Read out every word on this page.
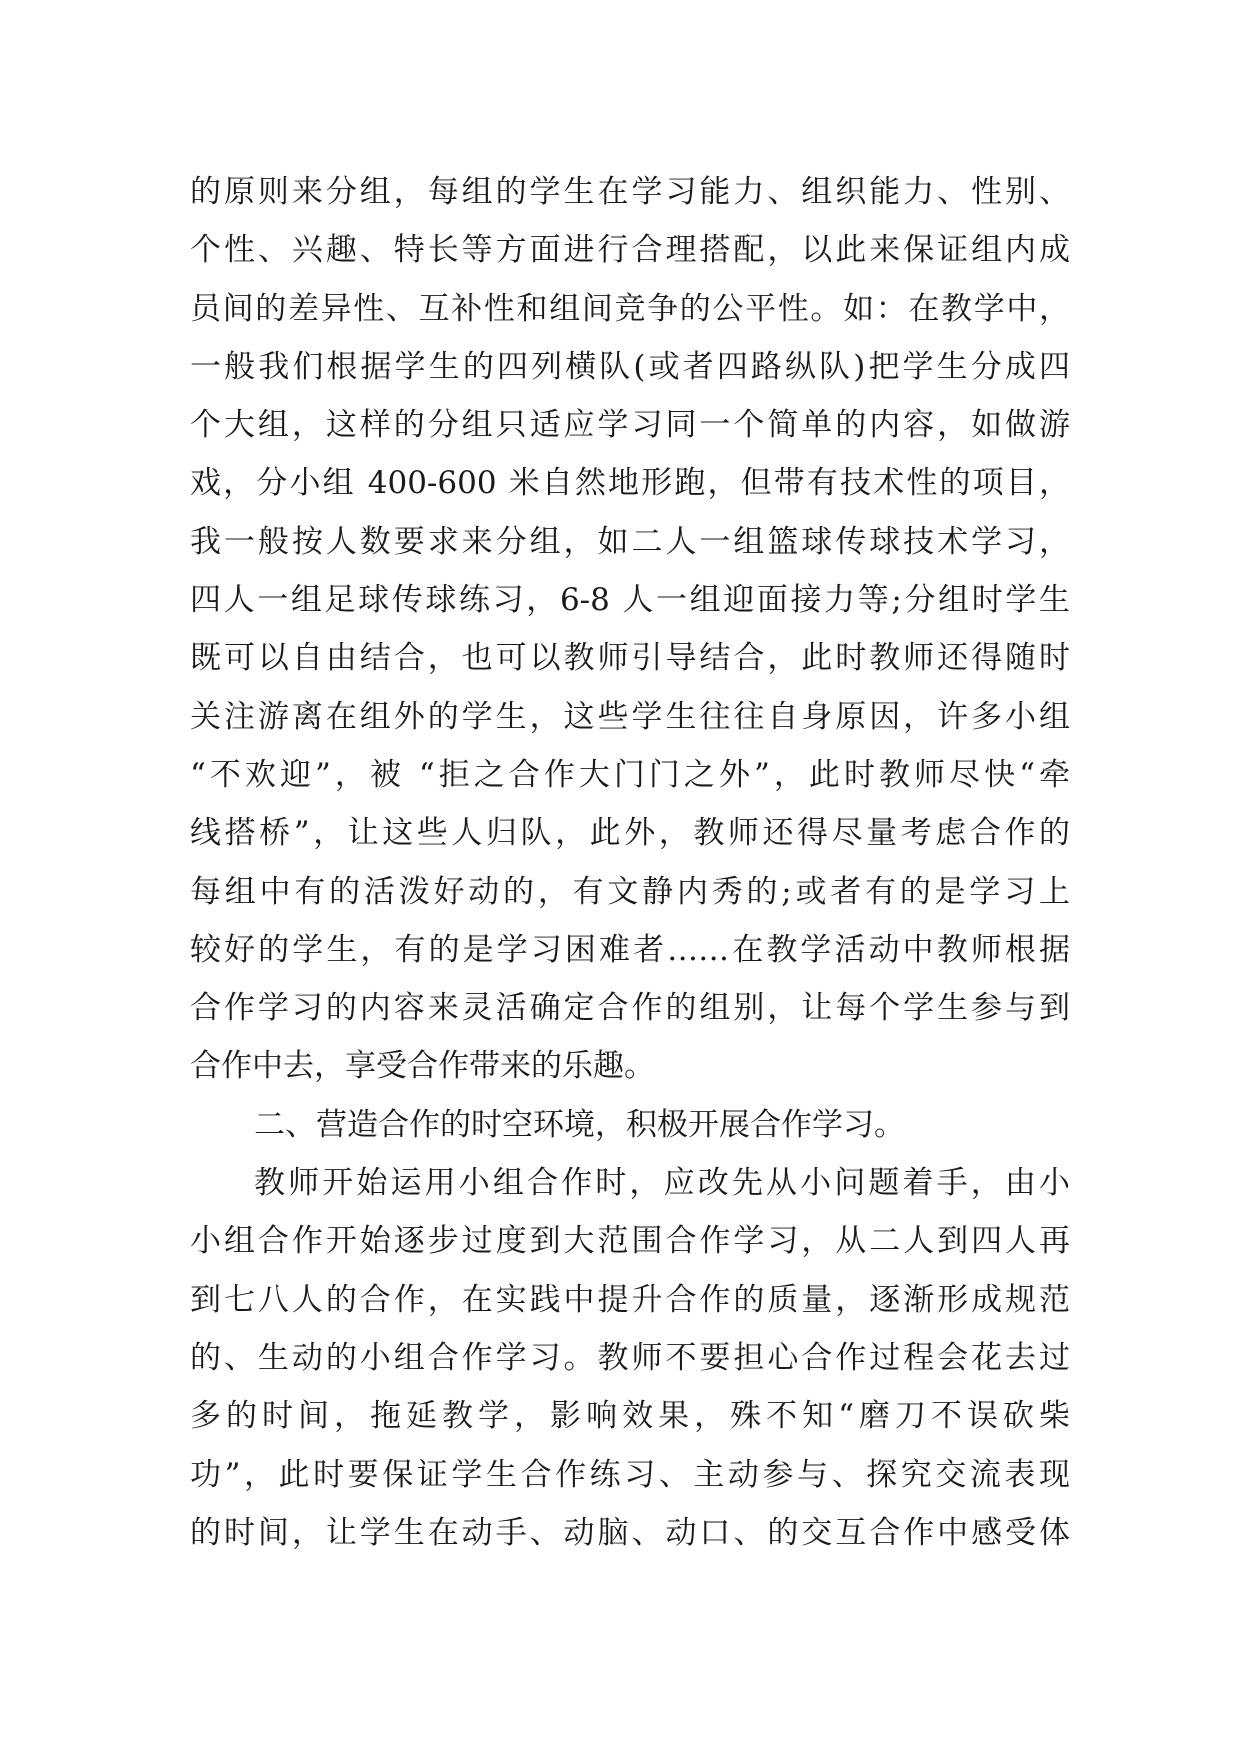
的原则来分组，每组的学生在学习能力、组织能力、性别、
个性、兴趣、特长等方面进行合理搭配，以此来保证组内成
员间的差异性、互补性和组间竞争的公平性。如：在教学中，
一般我们根据学生的四列横队(或者四路纵队)把学生分成四
个大组，这样的分组只适应学习同一个简单的内容，如做游
戏，分小组 400-600 米自然地形跑，但带有技术性的项目，
我一般按人数要求来分组，如二人一组篮球传球技术学习，
四人一组足球传球练习，6-8 人一组迎面接力等;分组时学生
既可以自由结合，也可以教师引导结合，此时教师还得随时
关注游离在组外的学生，这些学生往往自身原因，许多小组
“不欢迎”，被 “拒之合作大门门之外”，此时教师尽快“牵
线搭桥”，让这些人归队，此外，教师还得尽量考虑合作的
每组中有的活泼好动的，有文静内秀的;或者有的是学习上
较好的学生，有的是学习困难者……在教学活动中教师根据
合作学习的内容来灵活确定合作的组别，让每个学生参与到
合作中去，享受合作带来的乐趣。
二、营造合作的时空环境，积极开展合作学习。
教师开始运用小组合作时，应改先从小问题着手，由小
小组合作开始逐步过度到大范围合作学习，从二人到四人再
到七八人的合作，在实践中提升合作的质量，逐渐形成规范
的、生动的小组合作学习。教师不要担心合作过程会花去过
多的时间，拖延教学，影响效果，殊不知“磨刀不误砍柴
功”，此时要保证学生合作练习、主动参与、探究交流表现
的时间，让学生在动手、动脑、动口、的交互合作中感受体
